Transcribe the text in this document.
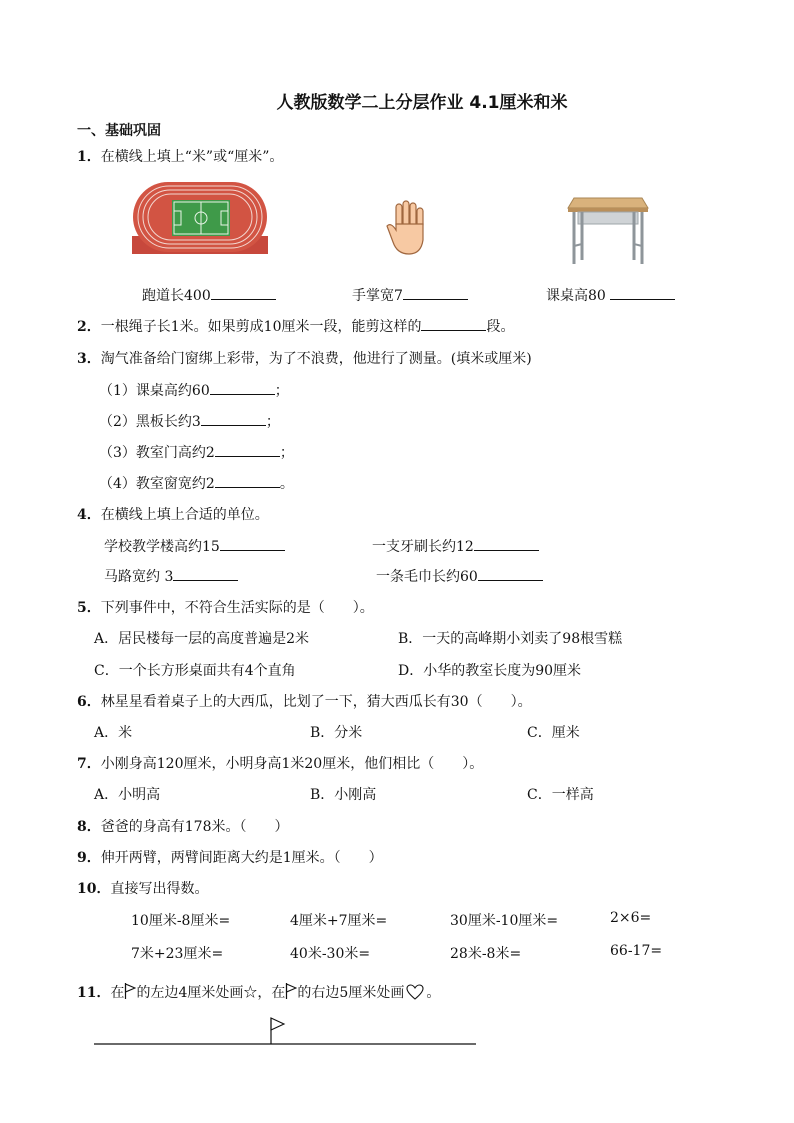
人教版数学二上分层作业 4.1厘米和米
一、基础巩固
1．在横线上填上“米”或“厘米”。
跑道长400	手掌宽7	课桌高80
2．一根绳子长1米。如果剪成10厘米一段，能剪这样的	段。
3．淘气准备给门窗绑上彩带，为了不浪费，他进行了测量。(填米或厘米)
（1）课桌高约60	；
（2）黑板长约3	；
（3）教室门高约2	；
（4）教室窗宽约2	。
4．在横线上填上合适的单位。
学校教学楼高约15	一支牙刷长约12
马路宽约 3	一条毛巾长约60
5．下列事件中，不符合生活实际的是（　　）。
A．居民楼每一层的高度普遍是2米	B．一天的高峰期小刘卖了98根雪糕
C．一个长方形桌面共有4个直角	D．小华的教室长度为90厘米
6．林星星看着桌子上的大西瓜，比划了一下，猜大西瓜长有30（　　）。
A．米	B．分米	C．厘米
7．小刚身高120厘米，小明身高1米20厘米，他们相比（　　）。
A．小明高	B．小刚高	C．一样高
8．爸爸的身高有178米。（　　）
9．伸开两臂，两臂间距离大约是1厘米。（　　）
10．直接写出得数。
10厘米-8厘米=	4厘米+7厘米=	30厘米-10厘米=	2×6=
7米+23厘米=	40米-30米=	28米-8米=	66-17=
11．在 的左边4厘米处画☆，在 的右边5厘米处画 。
